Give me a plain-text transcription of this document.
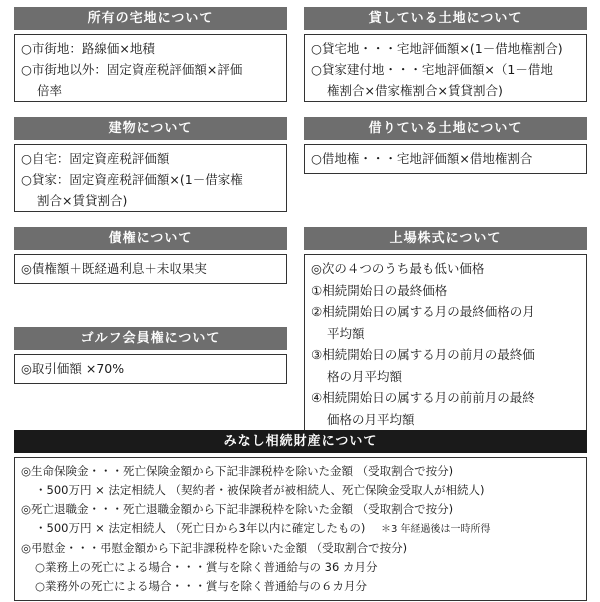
所有の宅地について
○市街地：路線価×地積
○市街地以外：固定資産税評価額×評価
倍率
貸している土地について
○貸宅地・・・宅地評価額×(1－借地権割合)
○貸家建付地・・・宅地評価額×（1－借地
権割合×借家権割合×賃貸割合)
建物について
○自宅：固定資産税評価額
○貸家：固定資産税評価額×(1－借家権
割合×賃貸割合)
借りている土地について
○借地権・・・宅地評価額×借地権割合
債権について
◎債権額＋既経過利息＋未収果実
ゴルフ会員権について
◎取引価額 ×70%
上場株式について
◎次の４つのうち最も低い価格
①相続開始日の最終価格
②相続開始日の属する月の最終価格の月
平均額
③相続開始日の属する月の前月の最終価
格の月平均額
④相続開始日の属する月の前前月の最終
価格の月平均額
みなし相続財産について
◎生命保険金・・・死亡保険金額から下記非課税枠を除いた金額 （受取割合で按分)
・500万円 × 法定相続人 （契約者・被保険者が被相続人、死亡保険金受取人が相続人)
◎死亡退職金・・・死亡退職金額から下記非課税枠を除いた金額 （受取割合で按分)
・500万円 × 法定相続人 （死亡日から3年以内に確定したもの) ＊3 年経過後は一時所得
◎弔慰金・・・弔慰金額から下記非課税枠を除いた金額 （受取割合で按分)
○業務上の死亡による場合・・・賞与を除く普通給与の 36 カ月分
○業務外の死亡による場合・・・賞与を除く普通給与の６カ月分
